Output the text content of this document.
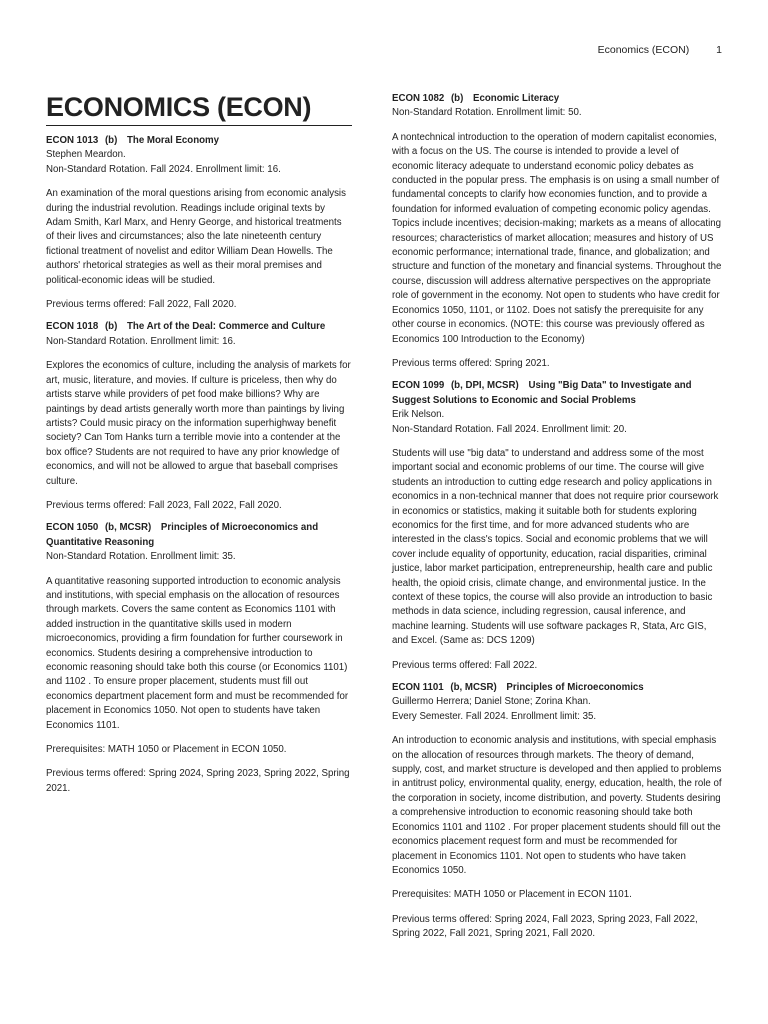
Economics (ECON)	1
ECONOMICS (ECON)
ECON 1013 (b) The Moral Economy
Stephen Meardon.
Non-Standard Rotation. Fall 2024. Enrollment limit: 16.
An examination of the moral questions arising from economic analysis during the industrial revolution. Readings include original texts by Adam Smith, Karl Marx, and Henry George, and historical treatments of their lives and circumstances; also the late nineteenth century fictional treatment of novelist and editor William Dean Howells. The authors' rhetorical strategies as well as their moral premises and political-economic ideas will be studied.
Previous terms offered: Fall 2022, Fall 2020.
ECON 1018 (b) The Art of the Deal: Commerce and Culture
Non-Standard Rotation. Enrollment limit: 16.
Explores the economics of culture, including the analysis of markets for art, music, literature, and movies. If culture is priceless, then why do artists starve while providers of pet food make billions? Why are paintings by dead artists generally worth more than paintings by living artists? Could music piracy on the information superhighway benefit society? Can Tom Hanks turn a terrible movie into a contender at the box office? Students are not required to have any prior knowledge of economics, and will not be allowed to argue that baseball comprises culture.
Previous terms offered: Fall 2023, Fall 2022, Fall 2020.
ECON 1050 (b, MCSR) Principles of Microeconomics and Quantitative Reasoning
Non-Standard Rotation. Enrollment limit: 35.
A quantitative reasoning supported introduction to economic analysis and institutions, with special emphasis on the allocation of resources through markets. Covers the same content as Economics 1101 with added instruction in the quantitative skills used in modern microeconomics, providing a firm foundation for further coursework in economics. Students desiring a comprehensive introduction to economic reasoning should take both this course (or Economics 1101) and 1102 . To ensure proper placement, students must fill out economics department placement form and must be recommended for placement in Economics 1050. Not open to students have taken Economics 1101.
Prerequisites: MATH 1050 or Placement in ECON 1050.
Previous terms offered: Spring 2024, Spring 2023, Spring 2022, Spring 2021.
ECON 1082 (b) Economic Literacy
Non-Standard Rotation. Enrollment limit: 50.
A nontechnical introduction to the operation of modern capitalist economies, with a focus on the US. The course is intended to provide a level of economic literacy adequate to understand economic policy debates as conducted in the popular press. The emphasis is on using a small number of fundamental concepts to clarify how economies function, and to provide a foundation for informed evaluation of competing economic policy agendas. Topics include incentives; decision-making; markets as a means of allocating resources; characteristics of market allocation; measures and history of US economic performance; international trade, finance, and globalization; and structure and function of the monetary and financial systems. Throughout the course, discussion will address alternative perspectives on the appropriate role of government in the economy. Not open to students who have credit for Economics 1050, 1101, or 1102. Does not satisfy the prerequisite for any other course in economics. (NOTE: this course was previously offered as Economics 100 Introduction to the Economy)
Previous terms offered: Spring 2021.
ECON 1099 (b, DPI, MCSR) Using "Big Data" to Investigate and Suggest Solutions to Economic and Social Problems
Erik Nelson.
Non-Standard Rotation. Fall 2024. Enrollment limit: 20.
Students will use "big data" to understand and address some of the most important social and economic problems of our time. The course will give students an introduction to cutting edge research and policy applications in economics in a non-technical manner that does not require prior coursework in economics or statistics, making it suitable both for students exploring economics for the first time, and for more advanced students who are interested in the class's topics. Social and economic problems that we will cover include equality of opportunity, education, racial disparities, criminal justice, labor market participation, entrepreneurship, health care and public health, the opioid crisis, climate change, and environmental justice. In the context of these topics, the course will also provide an introduction to basic methods in data science, including regression, causal inference, and machine learning. Students will use software packages R, Stata, Arc GIS, and Excel. (Same as: DCS 1209)
Previous terms offered: Fall 2022.
ECON 1101 (b, MCSR) Principles of Microeconomics
Guillermo Herrera; Daniel Stone; Zorina Khan.
Every Semester. Fall 2024. Enrollment limit: 35.
An introduction to economic analysis and institutions, with special emphasis on the allocation of resources through markets. The theory of demand, supply, cost, and market structure is developed and then applied to problems in antitrust policy, environmental quality, energy, education, health, the role of the corporation in society, income distribution, and poverty. Students desiring a comprehensive introduction to economic reasoning should take both Economics 1101 and 1102 . For proper placement students should fill out the economics placement request form and must be recommended for placement in Economics 1101. Not open to students who have taken Economics 1050.
Prerequisites: MATH 1050 or Placement in ECON 1101.
Previous terms offered: Spring 2024, Fall 2023, Spring 2023, Fall 2022, Spring 2022, Fall 2021, Spring 2021, Fall 2020.
